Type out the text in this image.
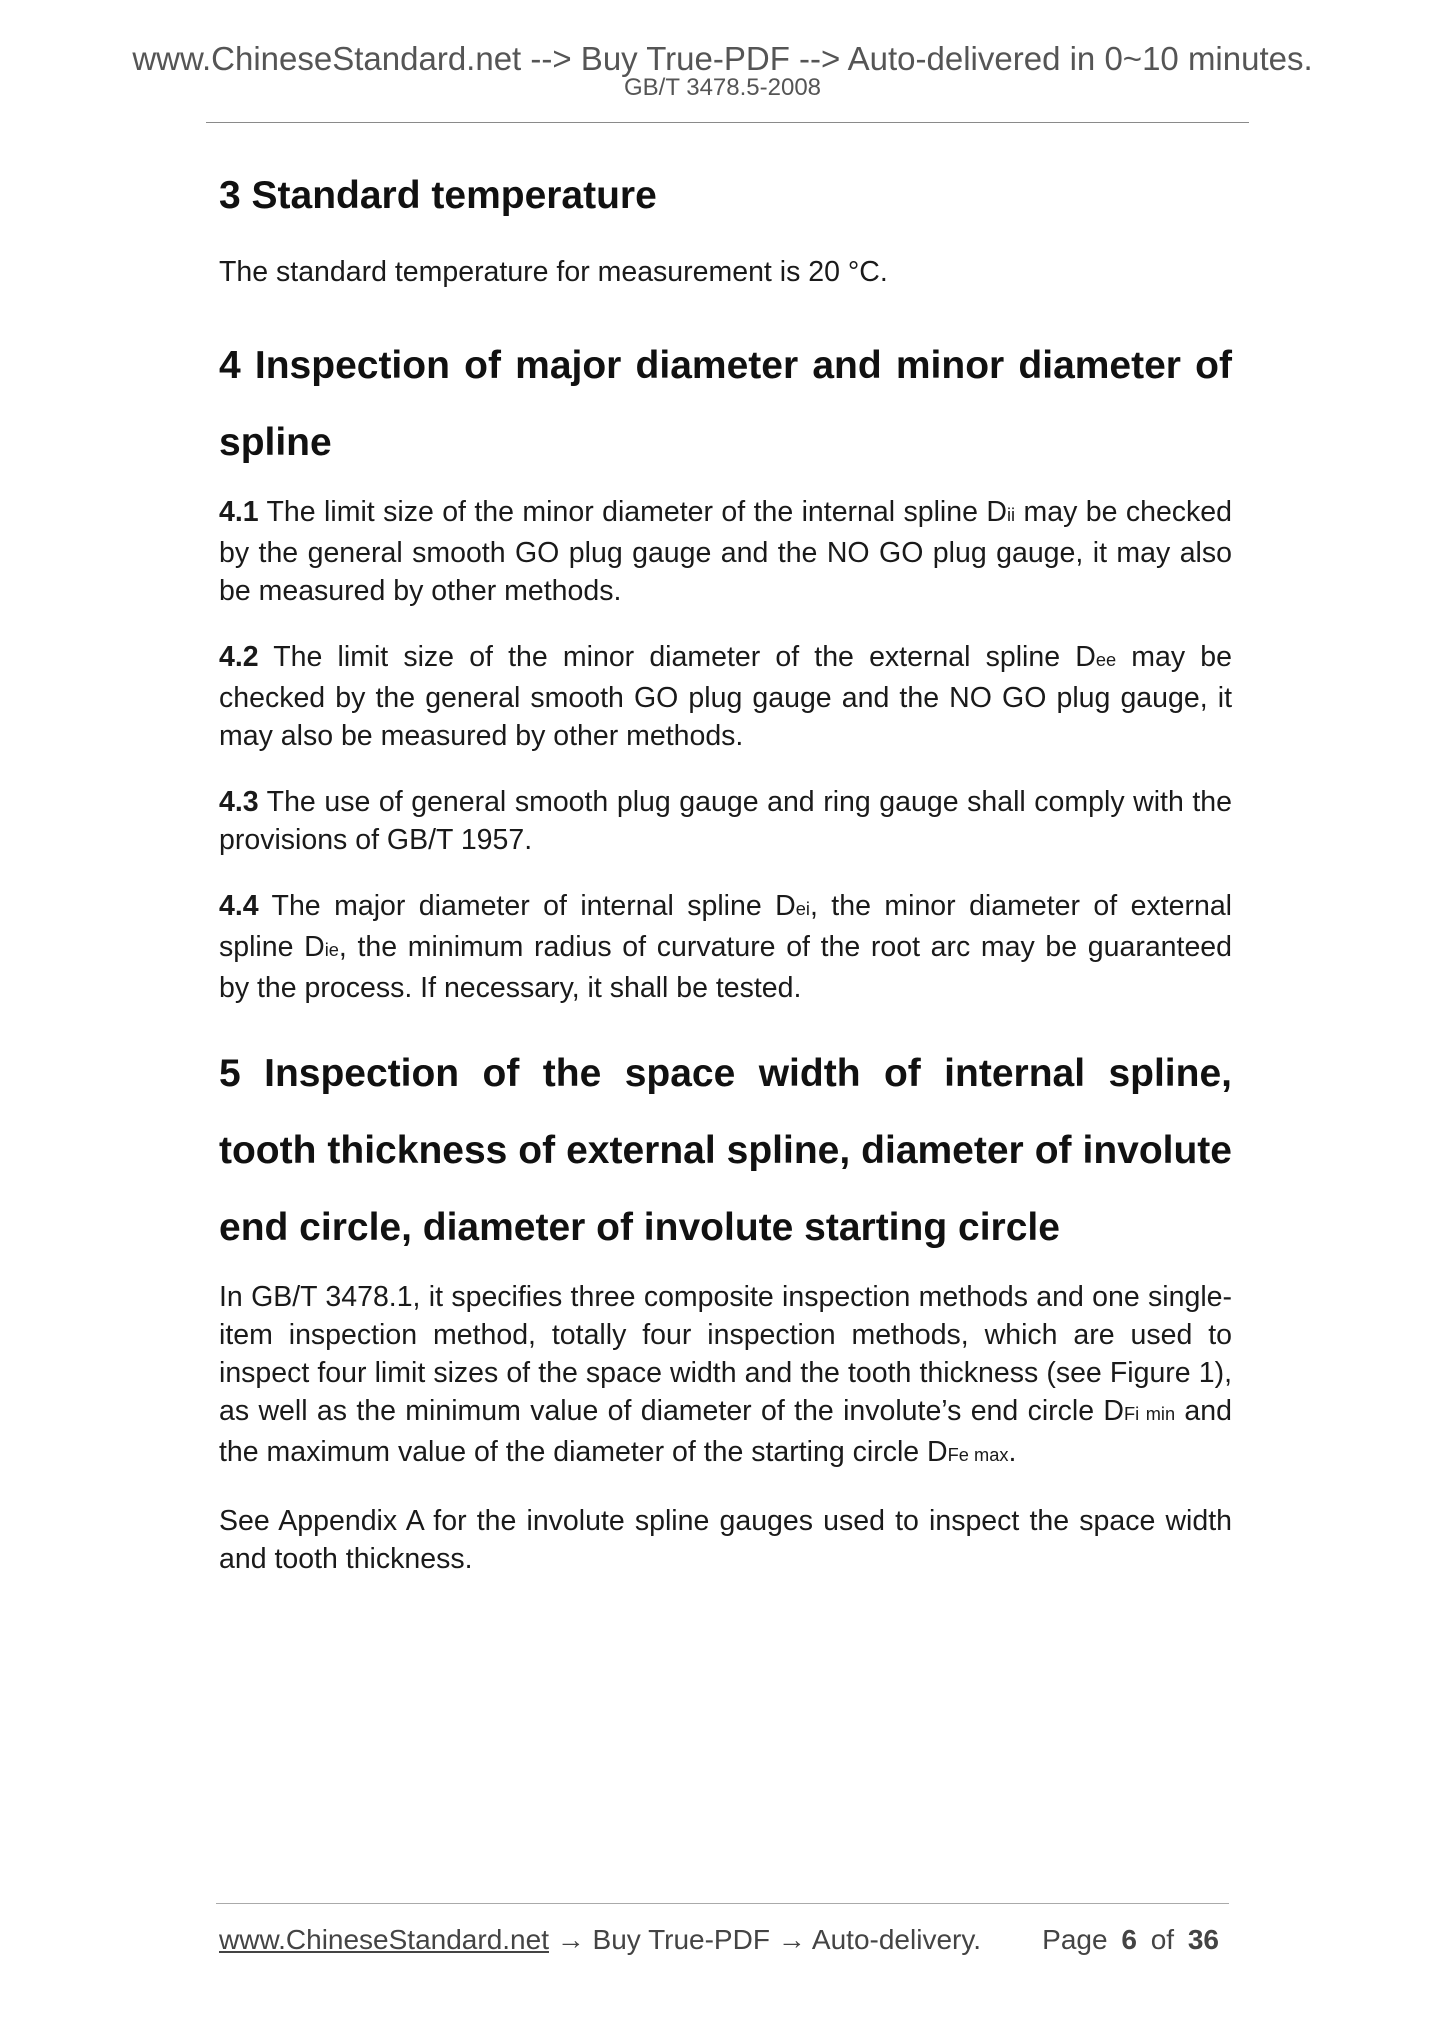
www.ChineseStandard.net --> Buy True-PDF --> Auto-delivered in 0~10 minutes.
GB/T 3478.5-2008
3 Standard temperature

The standard temperature for measurement is 20 °C.

4 Inspection of major diameter and minor diameter of spline

4.1 The limit size of the minor diameter of the internal spline Dii may be checked by the general smooth GO plug gauge and the NO GO plug gauge, it may also be measured by other methods.

4.2 The limit size of the minor diameter of the external spline Dee may be checked by the general smooth GO plug gauge and the NO GO plug gauge, it may also be measured by other methods.

4.3 The use of general smooth plug gauge and ring gauge shall comply with the provisions of GB/T 1957.

4.4 The major diameter of internal spline Dei, the minor diameter of external spline Die, the minimum radius of curvature of the root arc may be guaranteed by the process. If necessary, it shall be tested.

5 Inspection of the space width of internal spline, tooth thickness of external spline, diameter of involute end circle, diameter of involute starting circle

In GB/T 3478.1, it specifies three composite inspection methods and one single-item inspection method, totally four inspection methods, which are used to inspect four limit sizes of the space width and the tooth thickness (see Figure 1), as well as the minimum value of diameter of the involute’s end circle DFi min and the maximum value of the diameter of the starting circle DFe max.

See Appendix A for the involute spline gauges used to inspect the space width and tooth thickness.

www.ChineseStandard.net → Buy True-PDF → Auto-delivery. Page 6 of 36
